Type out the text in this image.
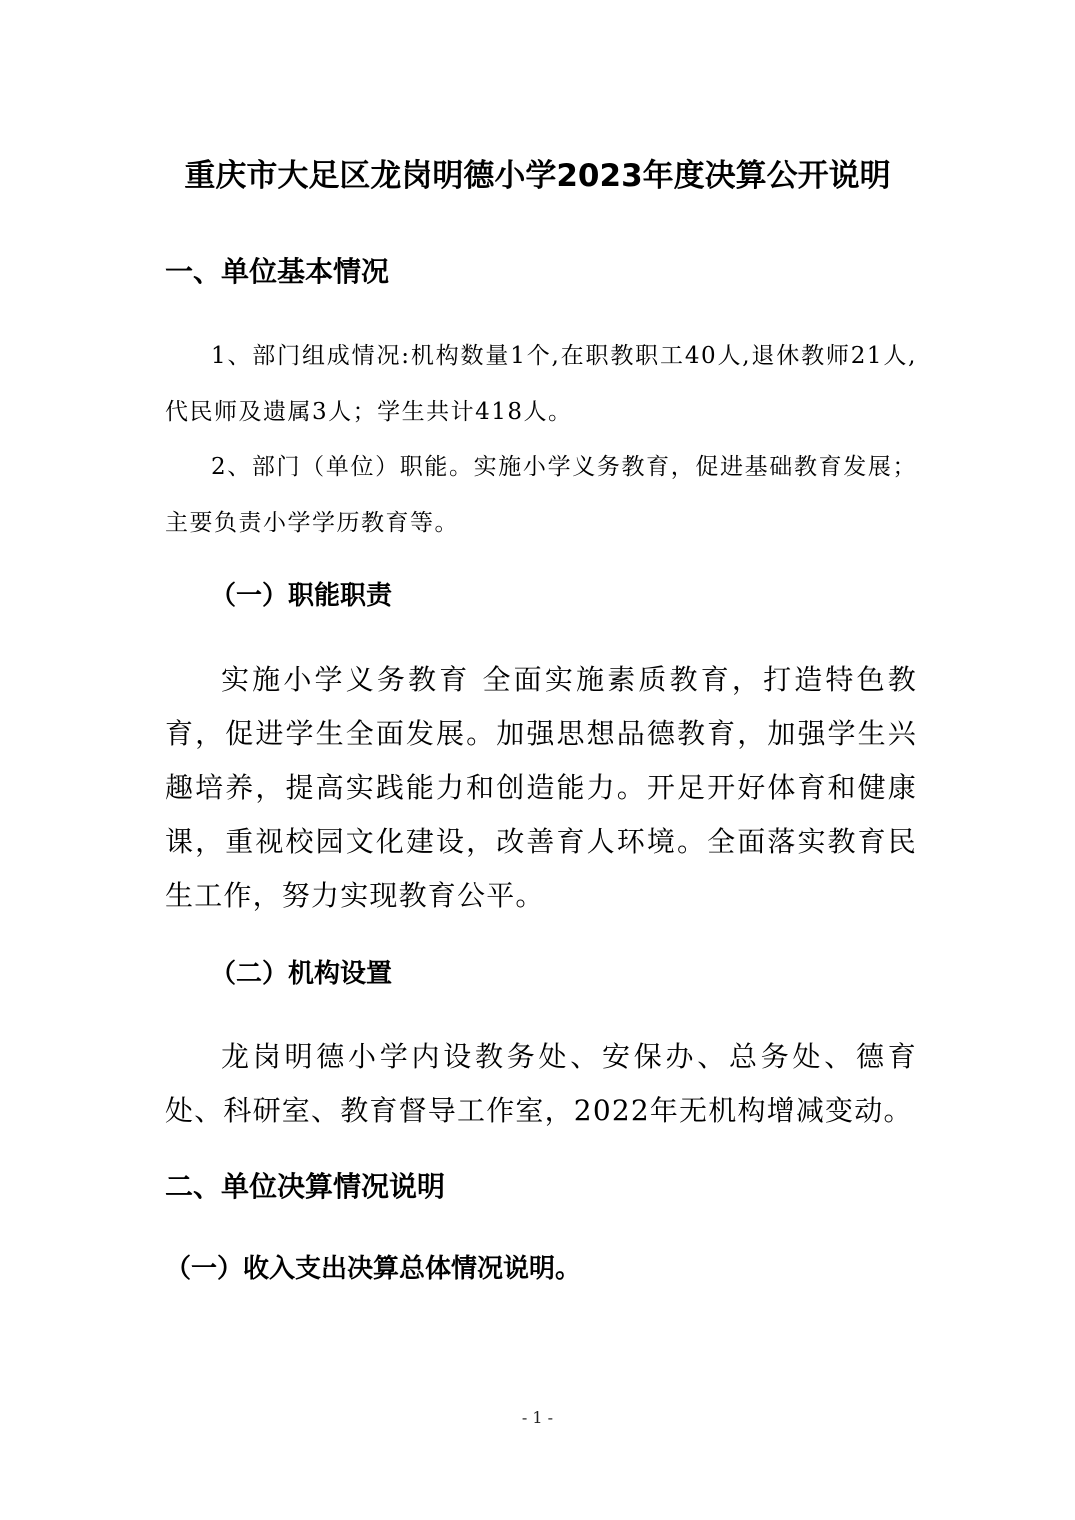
重庆市大足区龙岗明德小学2023年度决算公开说明
一、单位基本情况

1、部门组成情况:机构数量1个,在职教职工40人,退休教师21人,代民师及遗属3人；学生共计418人。

2、部门（单位）职能。实施小学义务教育，促进基础教育发展；主要负责小学学历教育等。

（一）职能职责

实施小学义务教育 全面实施素质教育，打造特色教育，促进学生全面发展。加强思想品德教育，加强学生兴趣培养，提高实践能力和创造能力。开足开好体育和健康课，重视校园文化建设，改善育人环境。全面落实教育民生工作，努力实现教育公平。

（二）机构设置

龙岗明德小学内设教务处、安保办、总务处、德育处、科研室、教育督导工作室，2022年无机构增减变动。

二、单位决算情况说明
（一）收入支出决算总体情况说明。
- 1 -
